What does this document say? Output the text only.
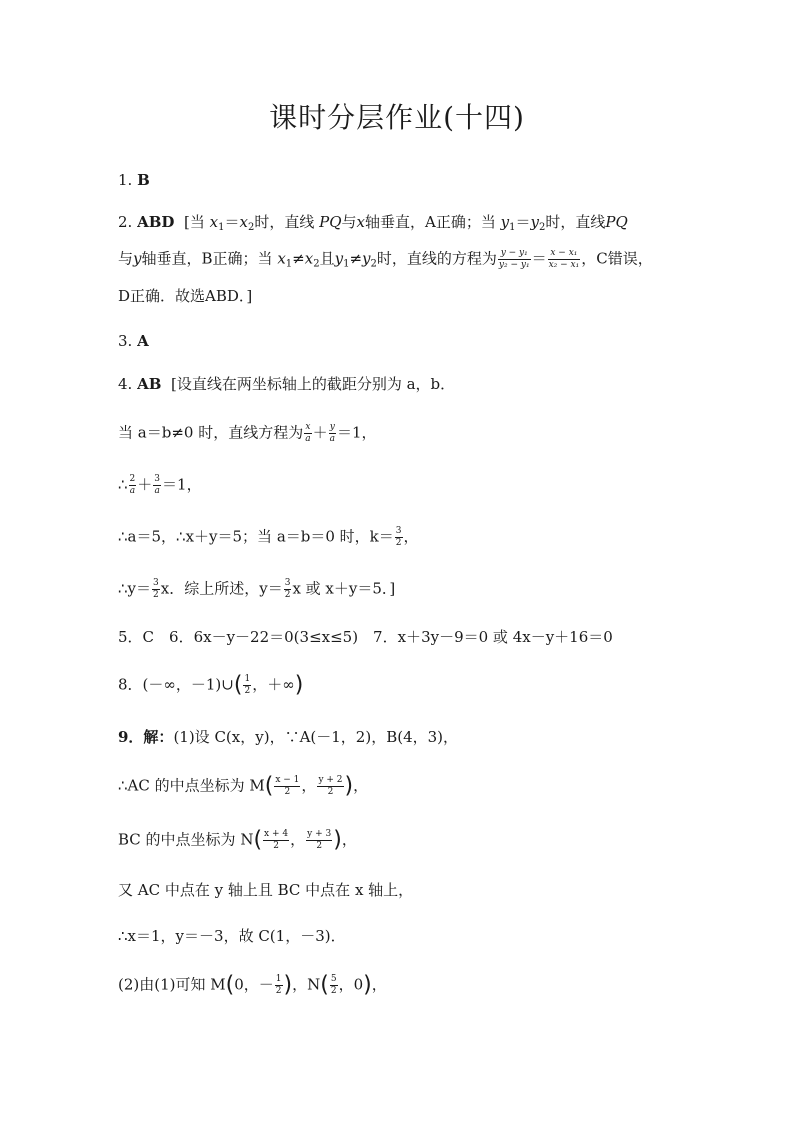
课时分层作业(十四)
1. B
2. ABD [当 $x_1=x_2$时，直线 PQ与x轴垂直，A正确；当 $y_1=y_2$时，直线PQ
与y轴垂直，B正确；当 $x_1\ne x_2$且$y_1\ne y_2$时，直线的方程为 $\frac{\text{y − y₁}}{\text{y₂ − y₁}} = \frac{\text{x − x₁}}{\text{x₂ − x₁}}$ ，C错误，
D正确．故选ABD．]
3. A
4. AB [设直线在两坐标轴上的截距分别为 a，b．
当 a＝b≠0 时，直线方程为 $\frac{x}{a} + \frac{y}{a} =1$，
∴ $\frac{2}{a} + \frac{3}{a} =1$，
∴a＝5，∴x＋y＝5；当 a＝b＝0 时，$k= \frac{3}{2}$ ，
∴y＝ $\frac{3}{2}$ x．综上所述，$y= \frac{3}{2}$ x 或 x＋y＝5．]
5．C　6．6x－y－22＝0(3≤x≤5)　7．x＋3y－9＝0 或 4x－y＋16＝0
8．(－∞，－1)∪( $\frac{1}{2}$ ，＋∞)
9．解：(1)设 C(x，y)，∵A(－1，2)，B(4，3)，
∴AC 的中点坐标为 $M( \frac{x - 1}{2}$ ， $\frac{y + 2}{2}$ )，
BC 的中点坐标为 $N( \frac{x + 4}{2}$ ， $\frac{y + 3}{2}$ )，
又 AC 中点在 y 轴上且 BC 中点在 x 轴上，
∴x＝1，y＝－3，故 C(1，－3)．
(2)由(1)可知 M(0，－ $\frac{1}{2}$ )，$N( \frac{5}{2}$ ，0)，
